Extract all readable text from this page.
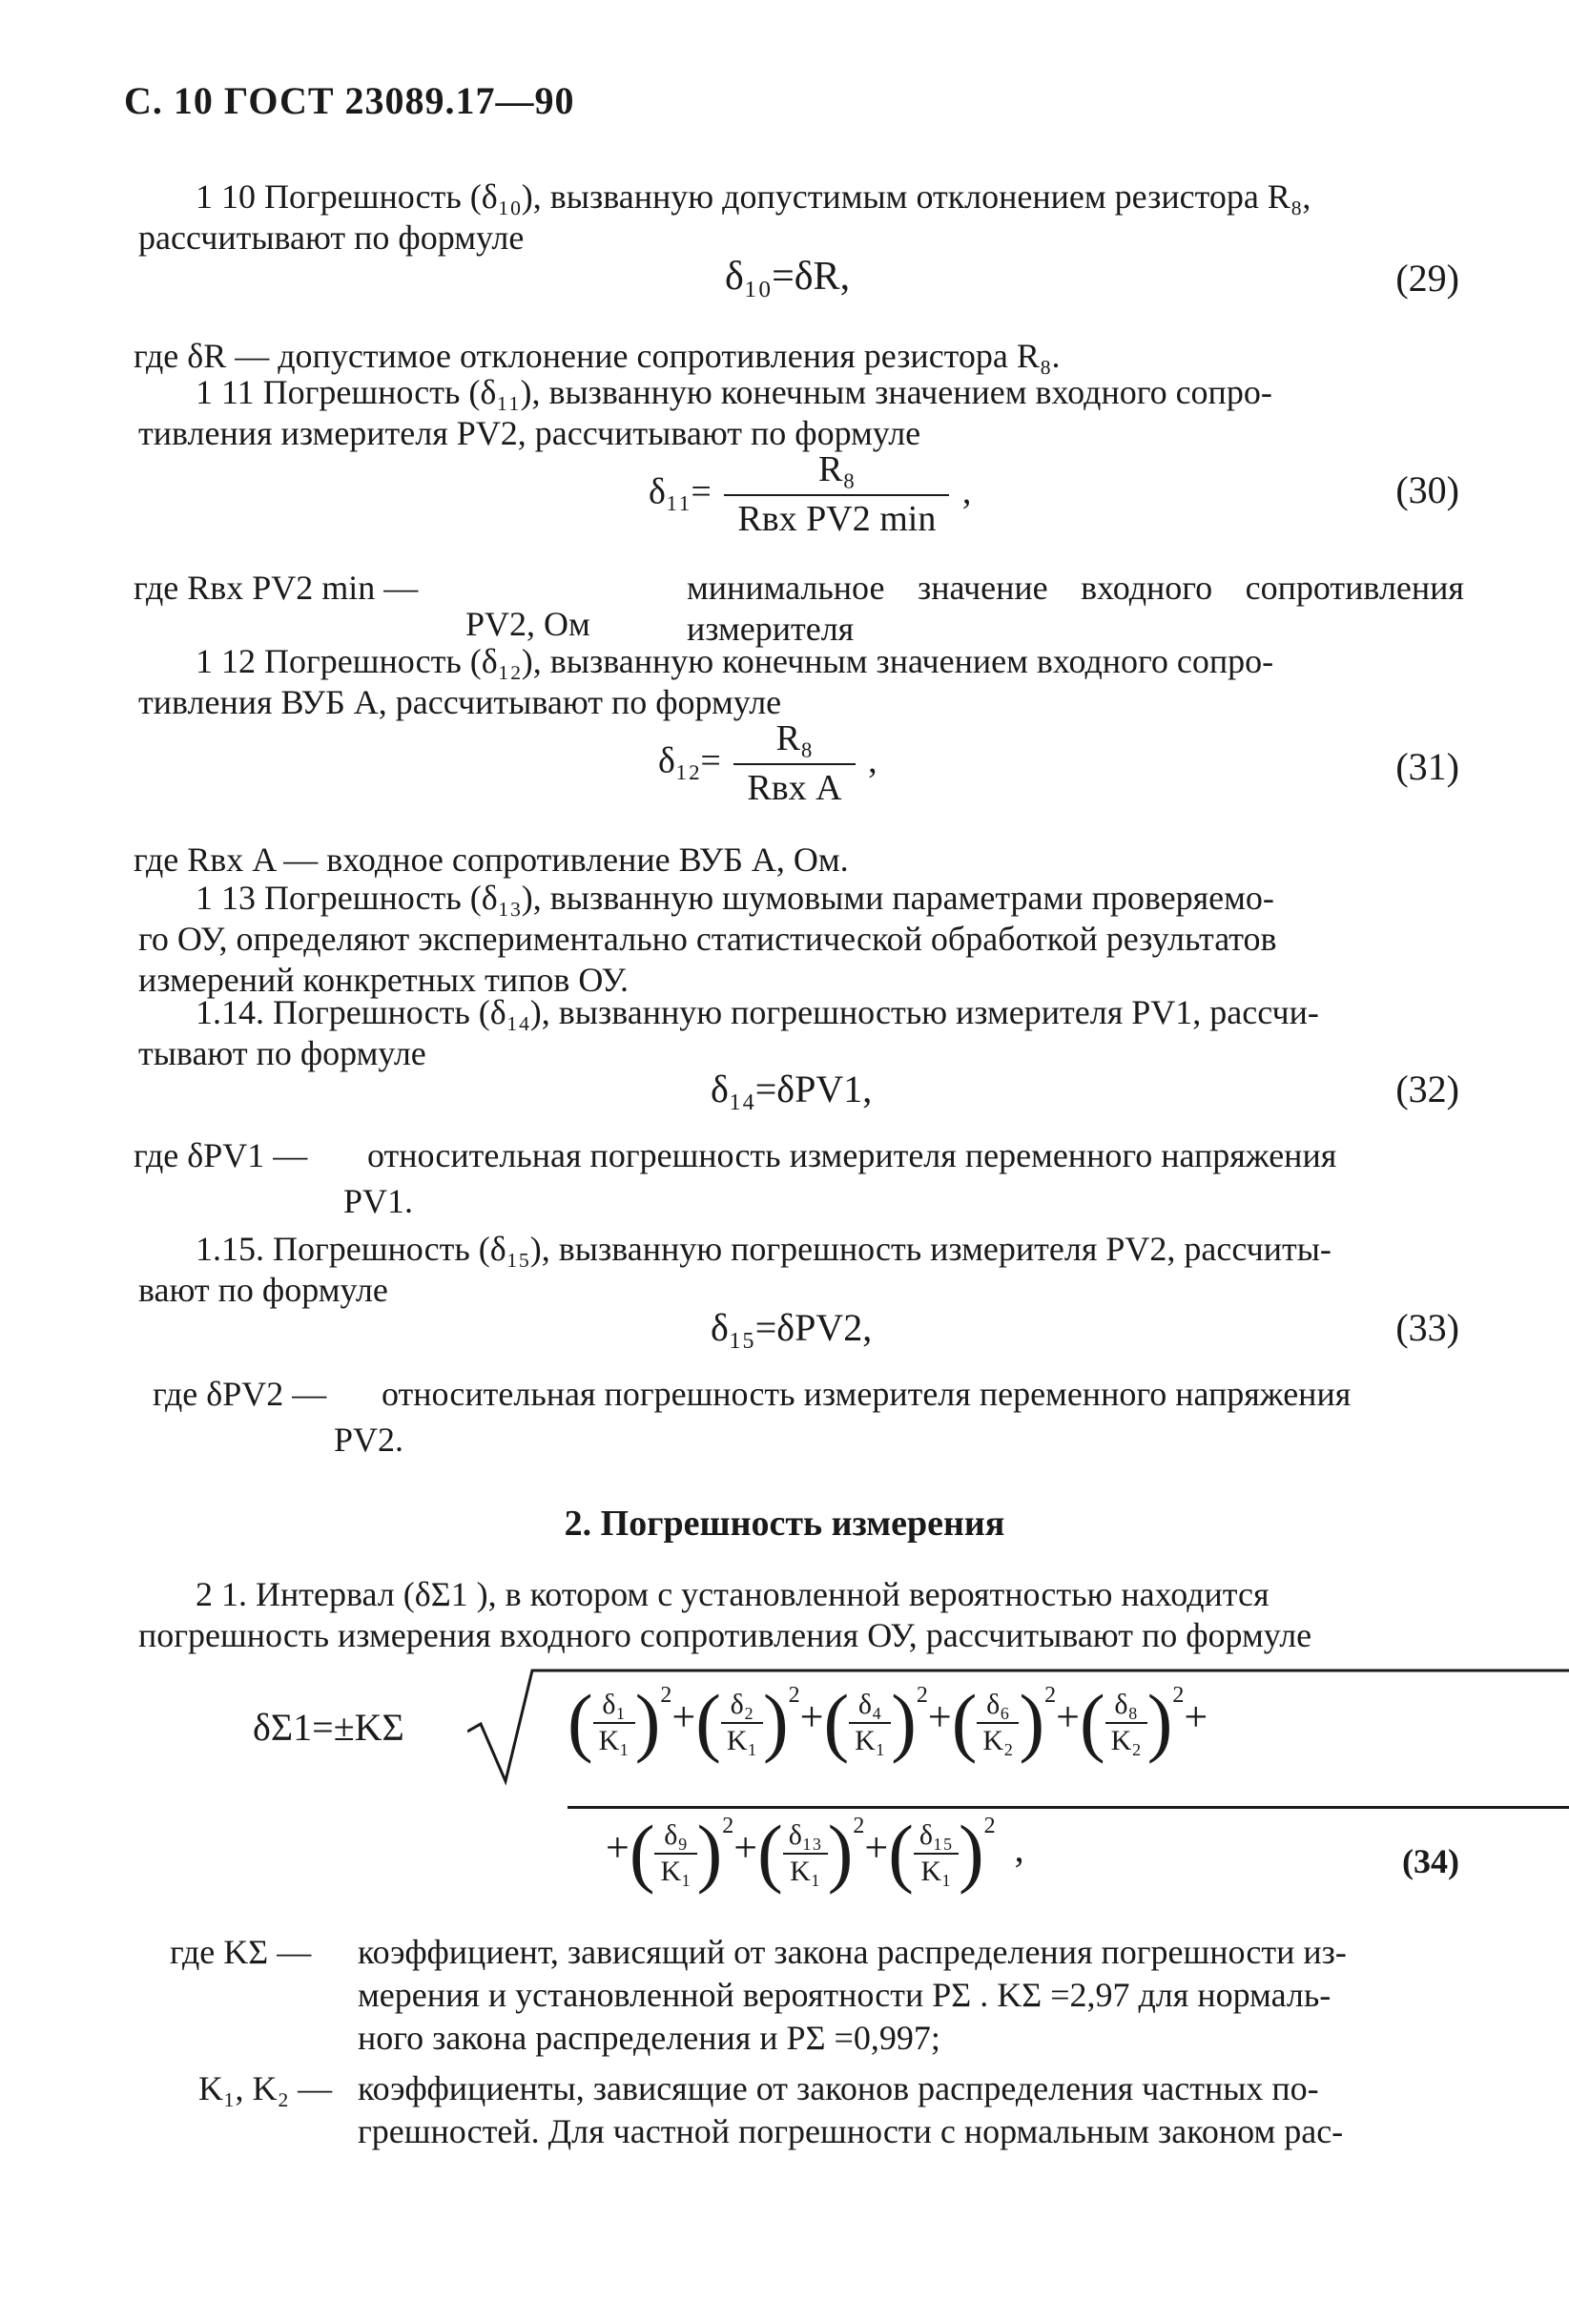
С. 10 ГОСТ 23089.17—90
1 10 Погрешность (δ₁₀), вызванную допустимым отклонением резистора R₈,
рассчитывают по формуле
δ₁₀=δR,	(29)
где δR — допустимое отклонение сопротивления резистора R₈.
1 11 Погрешность (δ₁₁), вызванную конечным значением входного сопро-
тивления измерителя PV2, рассчитывают по формуле
$\delta_{11}= \frac{\text{R₈}}{\text{Rвх PV2 min}}$ ,	(30)
где Rвх PV2 min —	минимальное значение входного сопротивления измерителя
PV2, Ом
1 12 Погрешность (δ₁₂), вызванную конечным значением входного сопро-
тивления ВУБ A, рассчитывают по формуле
$\delta_{12}= \frac{\text{R₈}}{\text{Rвх A}}$ ,	(31)
где Rвх A — входное сопротивление ВУБ A, Ом.
1 13 Погрешность (δ₁₃), вызванную шумовыми параметрами проверяемо-
го ОУ, определяют экспериментально статистической обработкой результатов
измерений конкретных типов ОУ.
1.14. Погрешность (δ₁₄), вызванную погрешностью измерителя PV1, рассчи-
тывают по формуле
δ₁₄=δPV1,	(32)
где δPV1 — относительная погрешность измерителя переменного напряжения
PV1.
1.15. Погрешность (δ₁₅), вызванную погрешность измерителя PV2, рассчиты-
вают по формуле
δ₁₅=δPV2,	(33)
где δPV2 — относительная погрешность измерителя переменного напряжения
PV2.
2. Погрешность измерения
2 1. Интервал (δΣ1 ), в котором с установленной вероятностью находится
погрешность измерения входного сопротивления ОУ, рассчитывают по формуле
δΣ1=±KΣ ( $\frac{\text{δ₁}}{\text{K₁}} )^2+( \frac{\text{δ₂}}{\text{K₁}} )^2+( \frac{\text{δ₄}}{\text{K₁}} )^2+( \frac{\text{δ₆}}{\text{K₂}} )^2+( \frac{\text{δ₈}}{\text{K₂}} )^2+$
+( $\frac{\text{δ₉}}{\text{K₁}} )^2+( \frac{\text{δ₁₃}}{\text{K₁}} )^2+( \frac{\text{δ₁₅}}{\text{K₁}} )^2$  ,	(34)
где KΣ — коэффициент, зависящий от закона распределения погрешности из-
мерения и установленной вероятности PΣ . KΣ =2,97 для нормаль-
ного закона распределения и PΣ =0,997;
K₁, K₂ — коэффициенты, зависящие от законов распределения частных по-
грешностей. Для частной погрешности с нормальным законом рас-
